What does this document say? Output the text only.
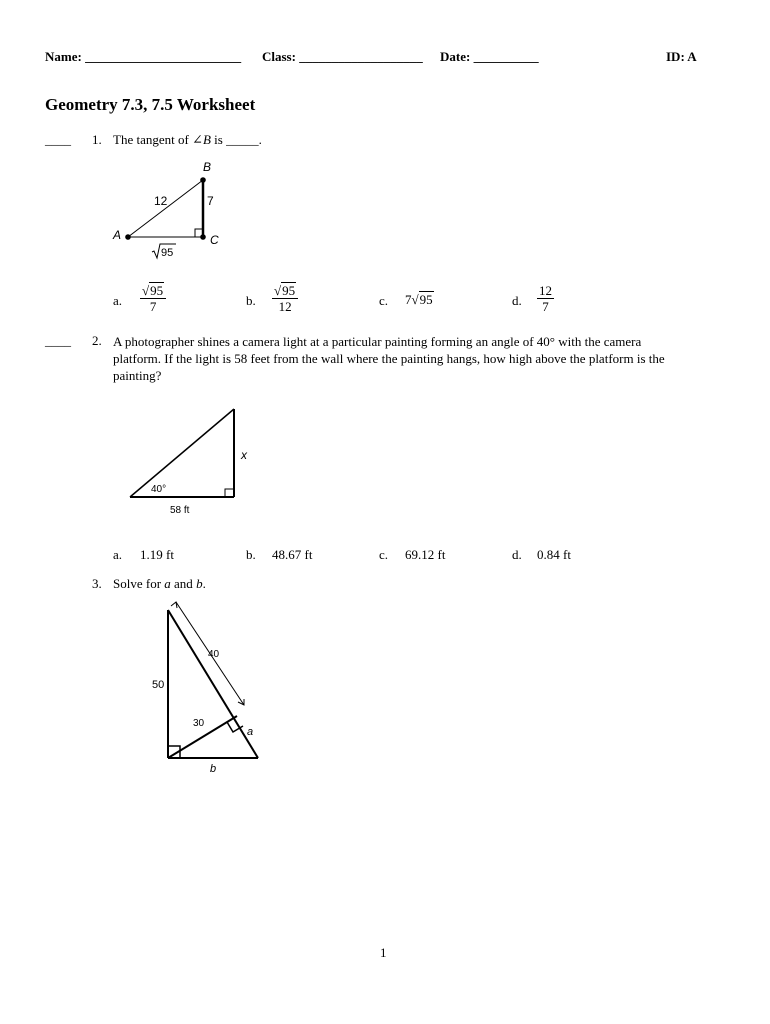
Name: ________________________ Class: ___________________ Date: __________	ID: A
Geometry 7.3, 7.5 Worksheet
____ 1. The tangent of ∠B is _____.
A
B
C
12	7
95
a. $\frac{√95}{7}$	b. $\frac{√95}{12}$	c. 7√95	d. $\frac{12}{7}$
____ 2. A photographer shines a camera light at a particular painting forming an angle of 40° with the camera
platform. If the light is 58 feet from the wall where the painting hangs, how high above the platform is the
painting?
40°
58 ft
x
a. 1.19 ft	b. 48.67 ft	c. 69.12 ft	d. 0.84 ft
3. Solve for a and b.
40
50
30
a
b
1
